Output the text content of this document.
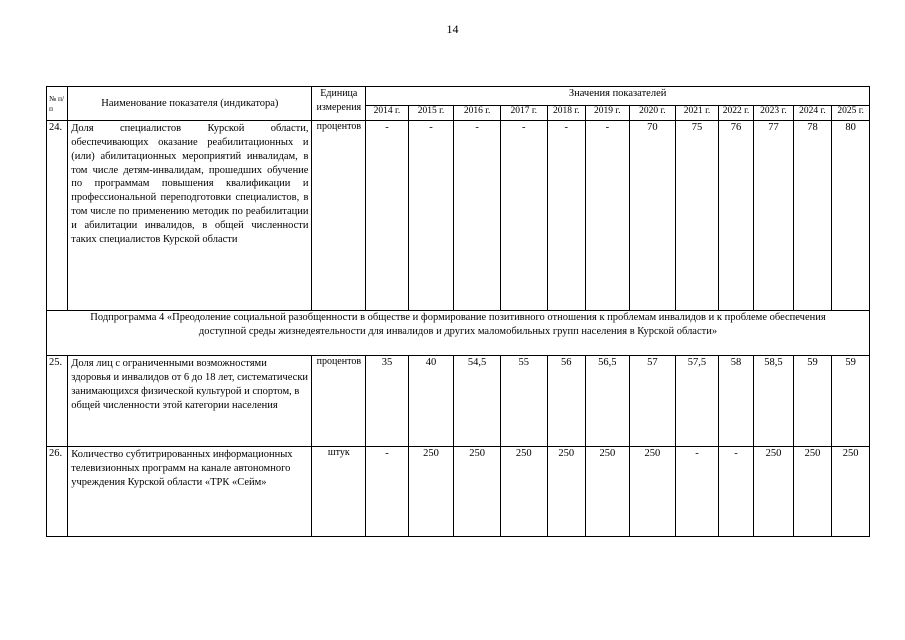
14
№ п/п	Наименование показателя (индикатора)	Единица измерения	Значения показателей											
			2014 г.	2015 г.	2016 г.	2017 г.	2018 г.	2019 г.	2020 г.	2021 г.	2022 г.	2023 г.	2024 г.	2025 г.
24.	Доля специалистов Курской области, обеспечивающих оказание реабилитационных и (или) абилитационных мероприятий инвалидам, в том числе детям-инвалидам, прошедших обучение по программам повышения квалификации и профессиональной переподготовки специалистов, в том числе по применению методик по реабилитации и абилитации инвалидов, в общей численности таких специалистов Курской области	процентов	-	-	-	-	-	-	70	75	76	77	78	80
Подпрограмма 4 «Преодоление социальной разобщенности в обществе и формирование позитивного отношения к проблемам инвалидов и к проблеме обеспечения доступной среды жизнедеятельности для инвалидов и других маломобильных групп населения в Курской области»														
25.	Доля лиц с ограниченными возможностями здоровья и инвалидов от 6 до 18 лет, систематически занимающихся физической культурой и спортом, в общей численности этой категории населения	процентов	35	40	54,5	55	56	56,5	57	57,5	58	58,5	59	59
26.	Количество субтитрированных информационных телевизионных программ на канале автономного учреждения Курской области «ТРК «Сейм»	штук	-	250	250	250	250	250	250	-	-	250	250	250
